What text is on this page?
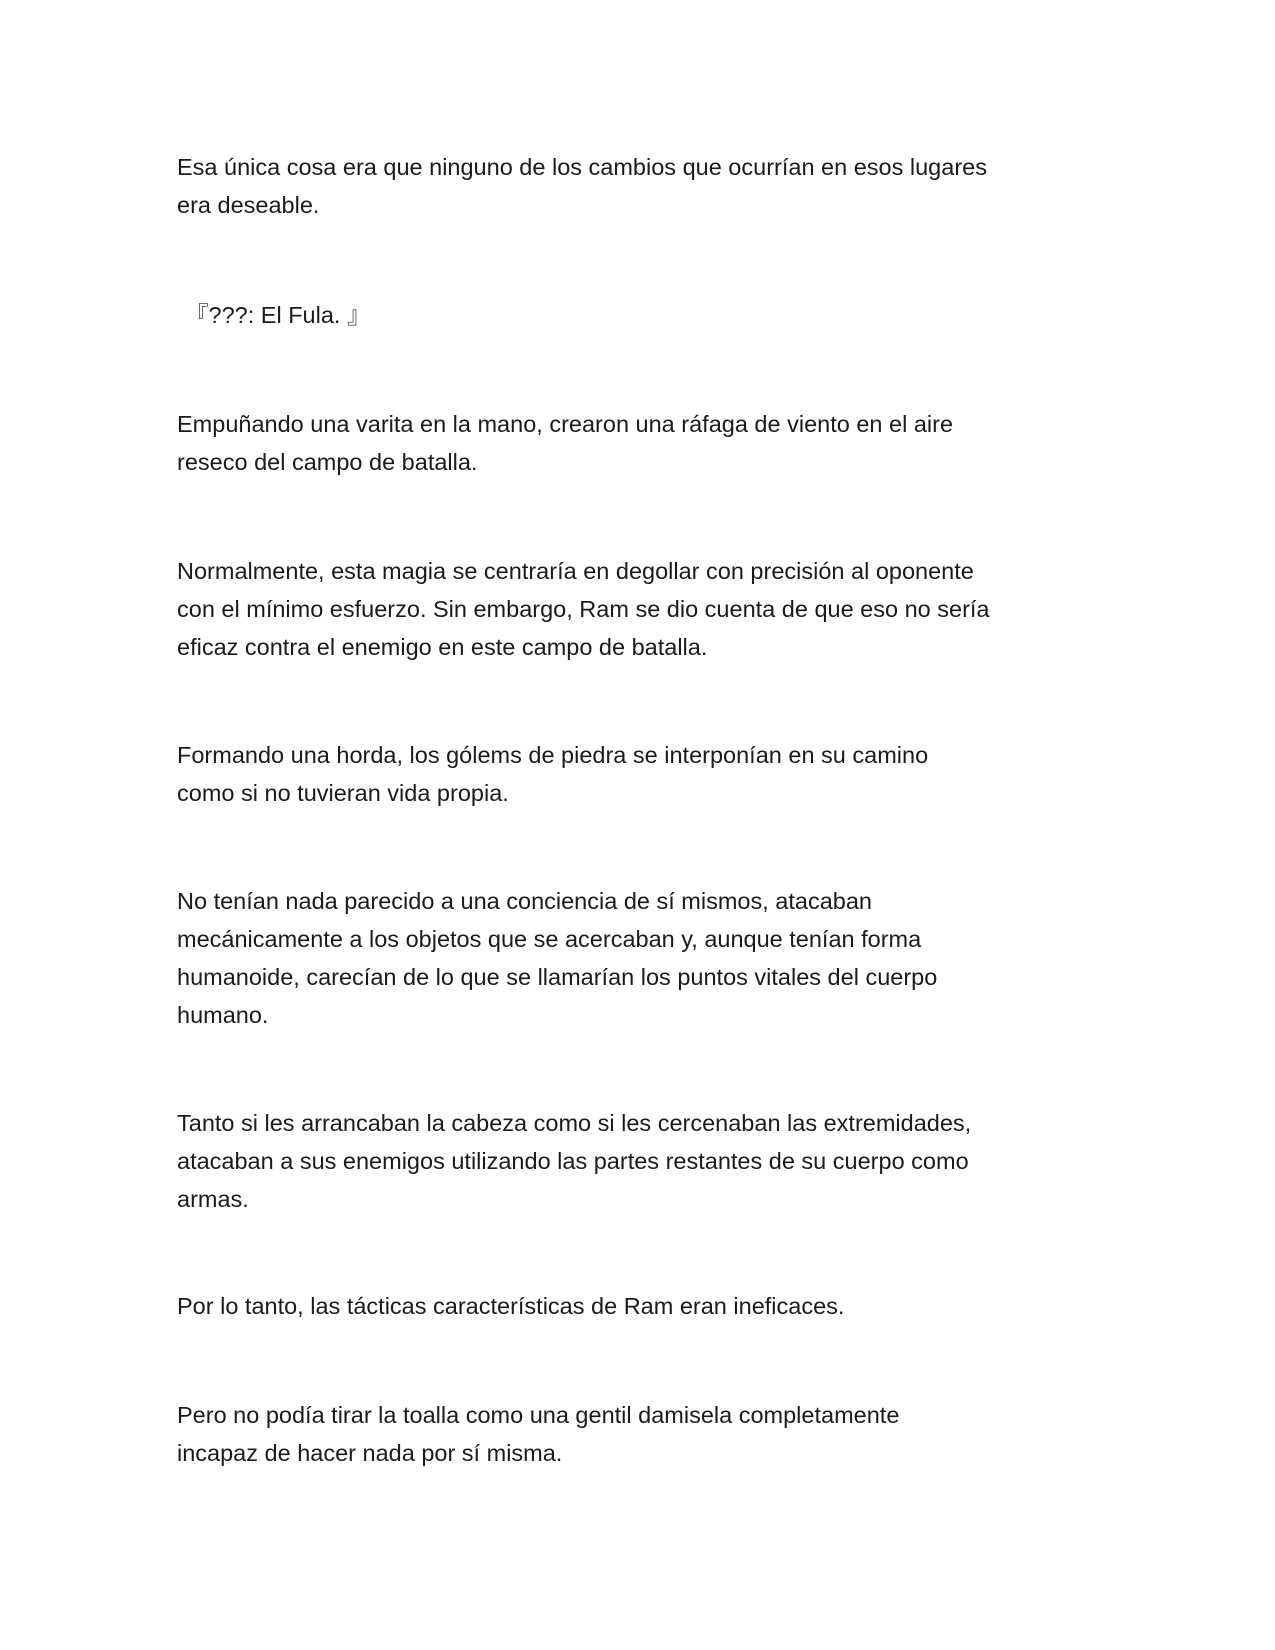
Esa única cosa era que ninguno de los cambios que ocurrían en esos lugares
era deseable.

『???: El Fula. 』

Empuñando una varita en la mano, crearon una ráfaga de viento en el aire
reseco del campo de batalla.

Normalmente, esta magia se centraría en degollar con precisión al oponente
con el mínimo esfuerzo. Sin embargo, Ram se dio cuenta de que eso no sería
eficaz contra el enemigo en este campo de batalla.

Formando una horda, los gólems de piedra se interponían en su camino
como si no tuvieran vida propia.

No tenían nada parecido a una conciencia de sí mismos, atacaban
mecánicamente a los objetos que se acercaban y, aunque tenían forma
humanoide, carecían de lo que se llamarían los puntos vitales del cuerpo
humano.

Tanto si les arrancaban la cabeza como si les cercenaban las extremidades,
atacaban a sus enemigos utilizando las partes restantes de su cuerpo como
armas.

Por lo tanto, las tácticas características de Ram eran ineficaces.

Pero no podía tirar la toalla como una gentil damisela completamente
incapaz de hacer nada por sí misma.
